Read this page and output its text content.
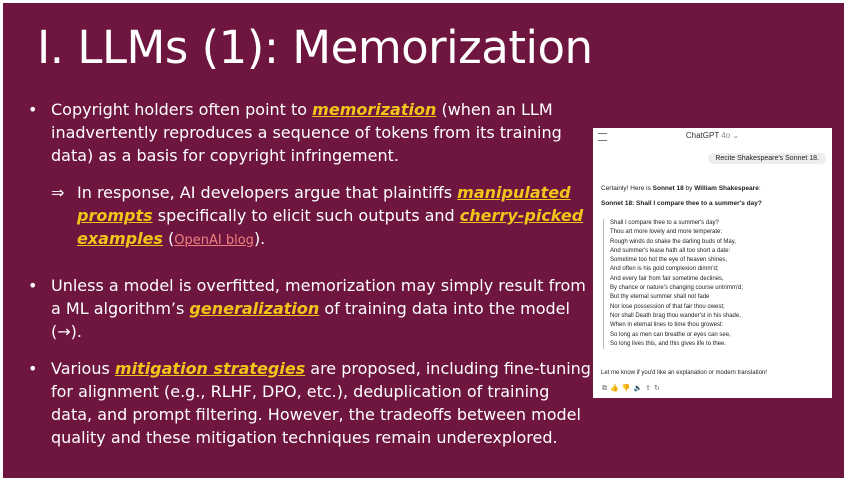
I. LLMs (1): Memorization
• Copyright holders often point to memorization (when an LLM inadvertently reproduces a sequence of tokens from its training data) as a basis for copyright infringement.
⇒ In response, AI developers argue that plaintiffs manipulated prompts specifically to elicit such outputs and cherry-picked examples (OpenAI blog).
• Unless a model is overfitted, memorization may simply result from a ML algorithm’s generalization of training data into the model (→).
• Various mitigation strategies are proposed, including fine-tuning for alignment (e.g., RLHF, DPO, etc.), deduplication of training data, and prompt filtering. However, the tradeoffs between model quality and these mitigation techniques remain underexplored.
ChatGPT 4o ⌄
Recite Shakespeare's Sonnet 18.
Certainly! Here is Sonnet 18 by William Shakespeare:
Sonnet 18: Shall I compare thee to a summer's day?
Shall I compare thee to a summer's day?
Thou art more lovely and more temperate:
Rough winds do shake the darling buds of May,
And summer's lease hath all too short a date:
Sometime too hot the eye of heaven shines,
And often is his gold complexion dimm'd;
And every fair from fair sometime declines,
By chance or nature's changing course untrimm'd;
But thy eternal summer shall not fade
Nor lose possession of that fair thou owest;
Nor shall Death brag thou wander'st in his shade,
When in eternal lines to time thou growest:
So long as men can breathe or eyes can see,
So long lives this, and this gives life to thee.
Let me know if you'd like an explanation or modern translation!
⧉👍👎🔈⇪↻
